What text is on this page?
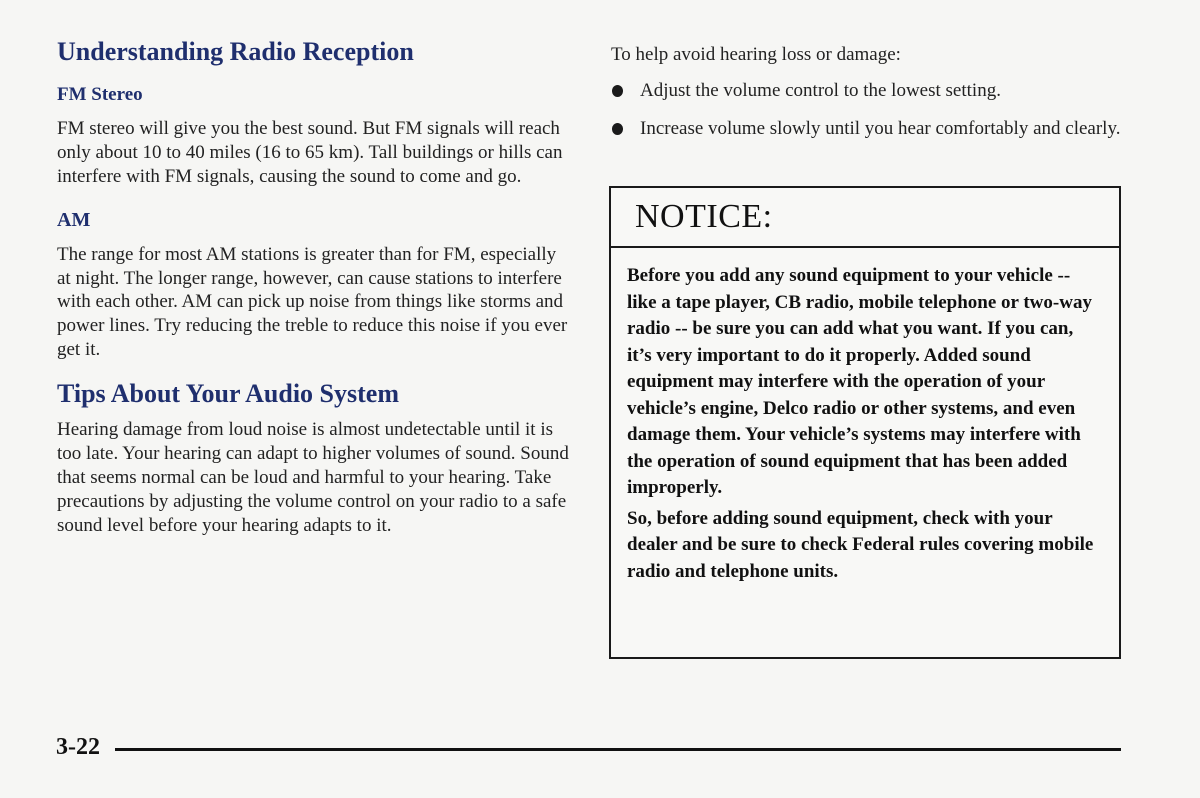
Understanding Radio Reception
FM Stereo

FM stereo will give you the best sound. But FM signals will reach only about 10 to 40 miles (16 to 65 km). Tall buildings or hills can interfere with FM signals, causing the sound to come and go.

AM

The range for most AM stations is greater than for FM, especially at night. The longer range, however, can cause stations to interfere with each other. AM can pick up noise from things like storms and power lines. Try reducing the treble to reduce this noise if you ever get it.

Tips About Your Audio System

Hearing damage from loud noise is almost undetectable until it is too late. Your hearing can adapt to higher volumes of sound. Sound that seems normal can be loud and harmful to your hearing. Take precautions by adjusting the volume control on your radio to a safe sound level before your hearing adapts to it.

To help avoid hearing loss or damage:

Adjust the volume control to the lowest setting.
Increase volume slowly until you hear comfortably and clearly.
NOTICE:

Before you add any sound equipment to your vehicle -- like a tape player, CB radio, mobile telephone or two-way radio -- be sure you can add what you want. If you can, it’s very important to do it properly. Added sound equipment may interfere with the operation of your vehicle’s engine, Delco radio or other systems, and even damage them. Your vehicle’s systems may interfere with the operation of sound equipment that has been added improperly.

So, before adding sound equipment, check with your dealer and be sure to check Federal rules covering mobile radio and telephone units.

3-22
